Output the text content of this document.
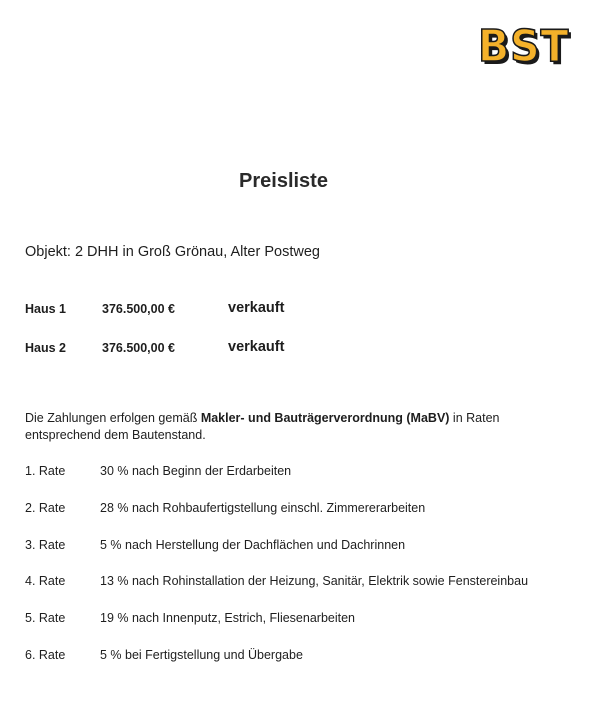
BST
Preisliste
Objekt: 2 DHH in Groß Grönau, Alter Postweg
Haus 1	376.500,00 €	verkauft
Haus 2	376.500,00 €	verkauft
Die Zahlungen erfolgen gemäß Makler- und Bauträgerverordnung (MaBV) in Raten
entsprechend dem Bautenstand.
1. Rate	30 % nach Beginn der Erdarbeiten
2. Rate	28 % nach Rohbaufertigstellung einschl. Zimmererarbeiten
3. Rate	5 % nach Herstellung der Dachflächen und Dachrinnen
4. Rate	13 % nach Rohinstallation der Heizung, Sanitär, Elektrik sowie Fenstereinbau
5. Rate	19 % nach Innenputz, Estrich, Fliesenarbeiten
6. Rate	5 % bei Fertigstellung und Übergabe
